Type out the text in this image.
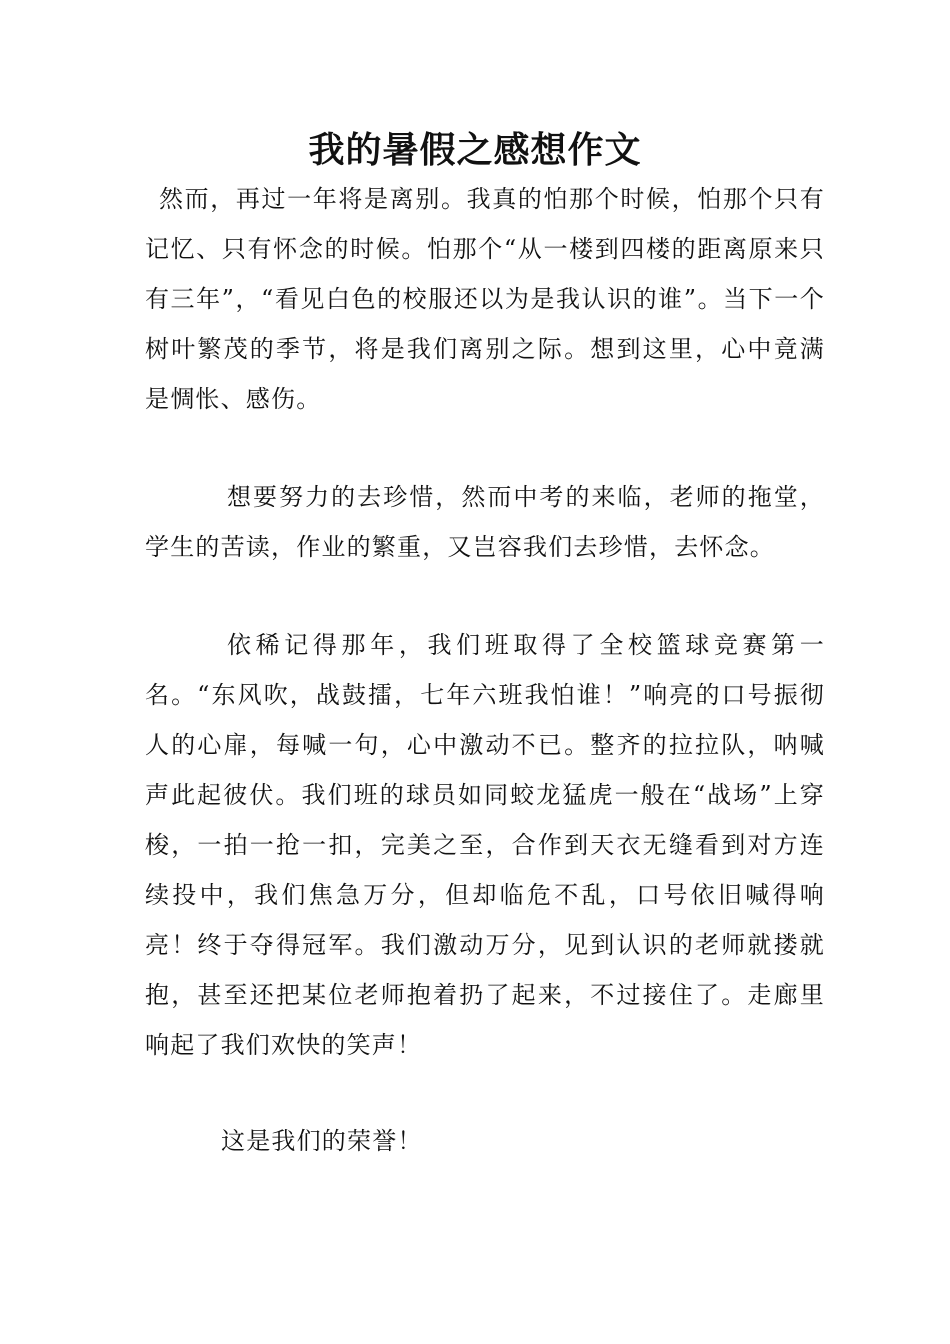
我的暑假之感想作文

然而，再过一年将是离别。我真的怕那个时候，怕那个只有记忆、只有怀念的时候。怕那个“从一楼到四楼的距离原来只有三年”，“看见白色的校服还以为是我认识的谁”。当下一个树叶繁茂的季节，将是我们离别之际。想到这里，心中竟满是惆怅、感伤。

想要努力的去珍惜，然而中考的来临，老师的拖堂，学生的苦读，作业的繁重，又岂容我们去珍惜，去怀念。

依稀记得那年，我们班取得了全校篮球竞赛第一名。“东风吹，战鼓擂，七年六班我怕谁！”响亮的口号振彻人的心扉，每喊一句，心中激动不已。整齐的拉拉队，呐喊声此起彼伏。我们班的球员如同蛟龙猛虎一般在“战场”上穿梭，一拍一抢一扣，完美之至，合作到天衣无缝看到对方连续投中，我们焦急万分，但却临危不乱，口号依旧喊得响亮！终于夺得冠军。我们激动万分，见到认识的老师就搂就抱，甚至还把某位老师抱着扔了起来，不过接住了。走廊里响起了我们欢快的笑声！

这是我们的荣誉！
